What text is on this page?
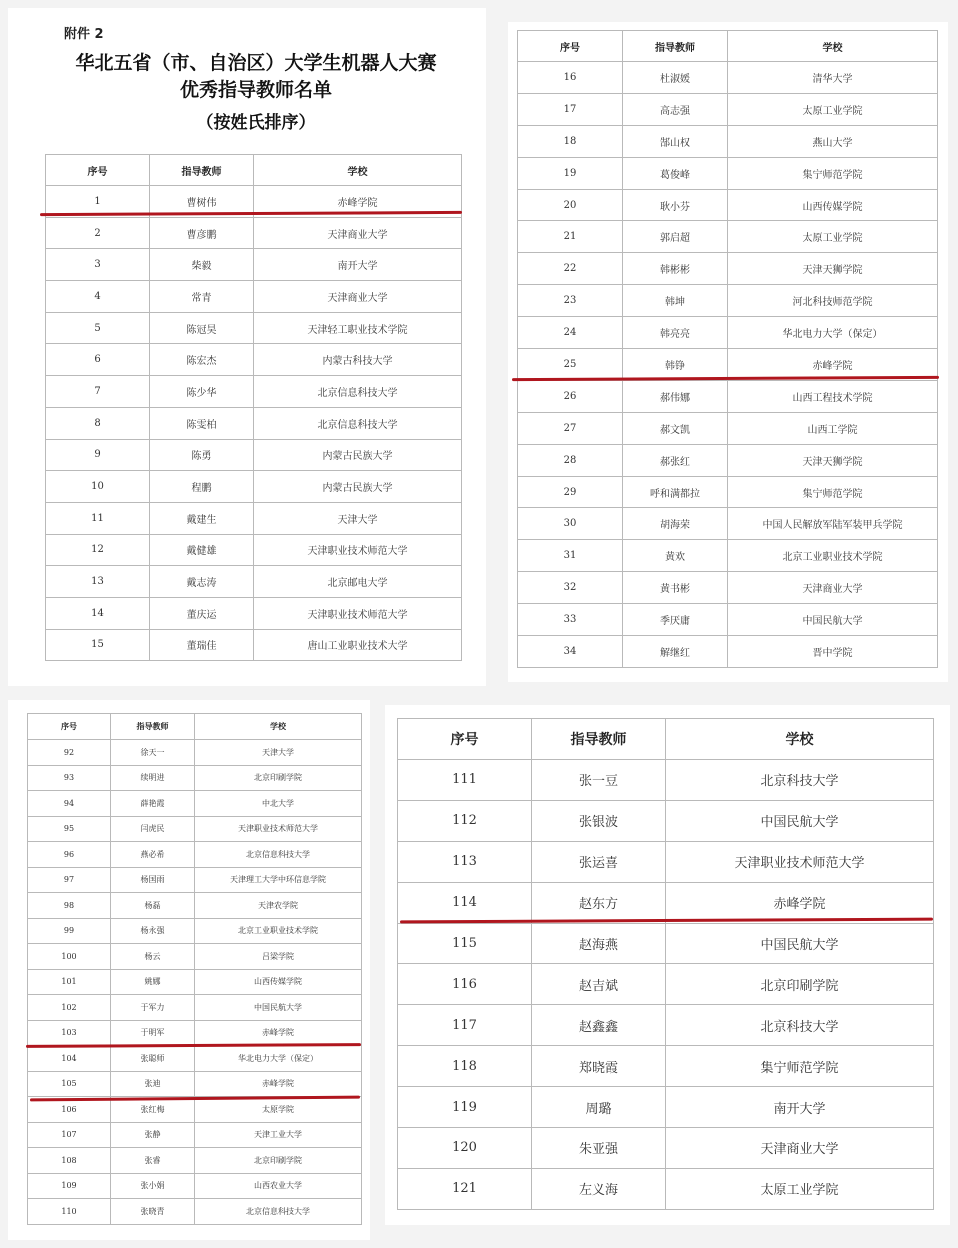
附件 2
华北五省（市、自治区）大学生机器人大赛
优秀指导教师名单
（按姓氏排序）
序号	指导教师	学校
1	曹树伟	赤峰学院
2	曹彦鹏	天津商业大学
3	柴毅	南开大学
4	常青	天津商业大学
5	陈冠昊	天津轻工职业技术学院
6	陈宏杰	内蒙古科技大学
7	陈少华	北京信息科技大学
8	陈雯柏	北京信息科技大学
9	陈勇	内蒙古民族大学
10	程鹏	内蒙古民族大学
11	戴建生	天津大学
12	戴健雄	天津职业技术师范大学
13	戴志涛	北京邮电大学
14	董庆运	天津职业技术师范大学
15	董瑞佳	唐山工业职业技术大学
序号	指导教师	学校
16	杜淑媛	清华大学
17	高志强	太原工业学院
18	郜山权	燕山大学
19	葛俊峰	集宁师范学院
20	耿小芬	山西传媒学院
21	郭启超	太原工业学院
22	韩彬彬	天津天狮学院
23	韩坤	河北科技师范学院
24	韩亮亮	华北电力大学（保定）
25	韩铮	赤峰学院
26	郝伟娜	山西工程技术学院
27	郝文凯	山西工学院
28	郝张红	天津天狮学院
29	呼和满都拉	集宁师范学院
30	胡海荣	中国人民解放军陆军装甲兵学院
31	黄欢	北京工业职业技术学院
32	黄书彬	天津商业大学
33	季厌庸	中国民航大学
34	解继红	晋中学院
序号	指导教师	学校
92	徐天一	天津大学
93	续明进	北京印刷学院
94	薛艳霞	中北大学
95	闫虎民	天津职业技术师范大学
96	燕必希	北京信息科技大学
97	杨国雨	天津理工大学中环信息学院
98	杨磊	天津农学院
99	杨永强	北京工业职业技术学院
100	杨云	吕梁学院
101	姚娜	山西传媒学院
102	于军力	中国民航大学
103	于明军	赤峰学院
104	张聪师	华北电力大学（保定）
105	张迪	赤峰学院
106	张红梅	太原学院
107	张静	天津工业大学
108	张睿	北京印刷学院
109	张小娟	山西农业大学
110	张晓青	北京信息科技大学
序号	指导教师	学校
111	张一豆	北京科技大学
112	张银波	中国民航大学
113	张运喜	天津职业技术师范大学
114	赵东方	赤峰学院
115	赵海燕	中国民航大学
116	赵吉斌	北京印刷学院
117	赵鑫鑫	北京科技大学
118	郑晓霞	集宁师范学院
119	周璐	南开大学
120	朱亚强	天津商业大学
121	左义海	太原工业学院
